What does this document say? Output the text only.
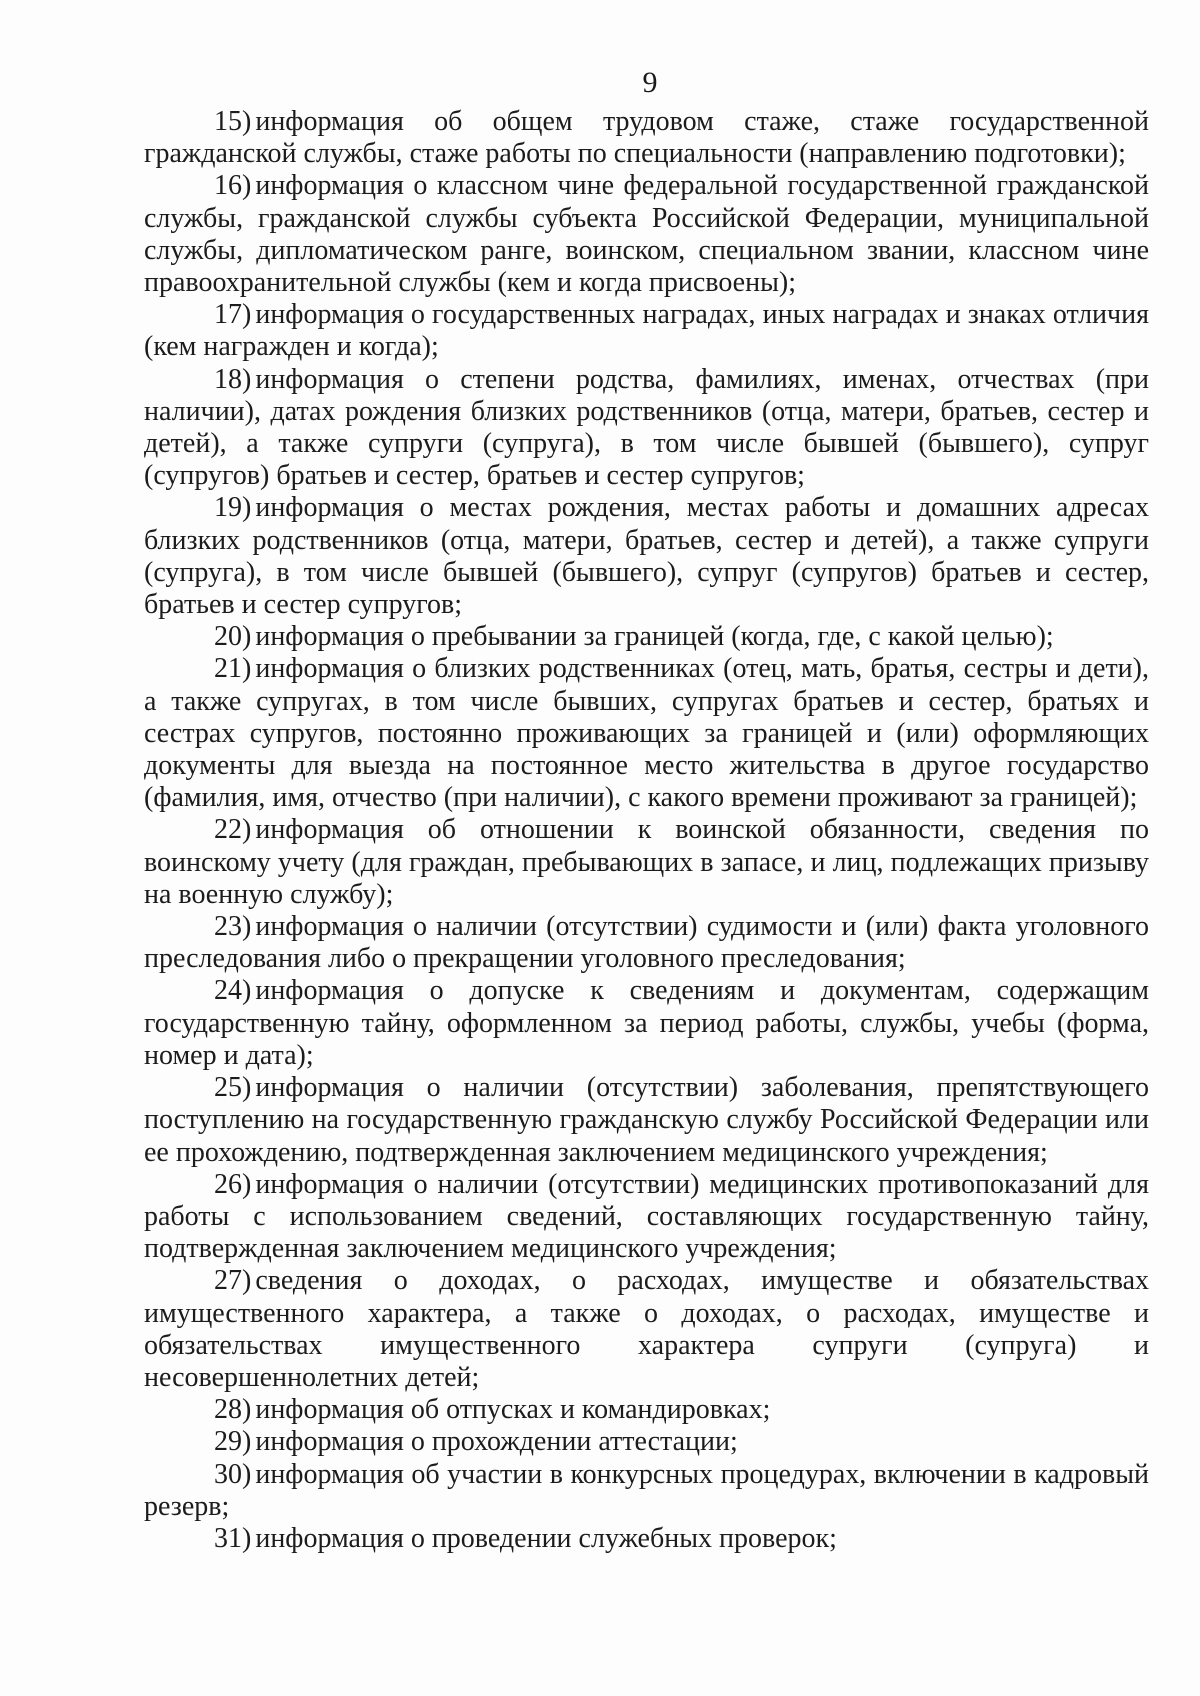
9

15) информация об общем трудовом стаже, стаже государственной гражданской службы, стаже работы по специальности (направлению подготовки);

16) информация о классном чине федеральной государственной гражданской службы, гражданской службы субъекта Российской Федерации, муниципальной службы, дипломатическом ранге, воинском, специальном звании, классном чине правоохранительной службы (кем и когда присвоены);

17) информация о государственных наградах, иных наградах и знаках отличия (кем награжден и когда);

18) информация о степени родства, фамилиях, именах, отчествах (при наличии), датах рождения близких родственников (отца, матери, братьев, сестер и детей), а также супруги (супруга), в том числе бывшей (бывшего), супруг (супругов) братьев и сестер, братьев и сестер супругов;

19) информация о местах рождения, местах работы и домашних адресах близких родственников (отца, матери, братьев, сестер и детей), а также супруги (супруга), в том числе бывшей (бывшего), супруг (супругов) братьев и сестер, братьев и сестер супругов;

20) информация о пребывании за границей (когда, где, с какой целью);

21) информация о близких родственниках (отец, мать, братья, сестры и дети), а также супругах, в том числе бывших, супругах братьев и сестер, братьях и сестрах супругов, постоянно проживающих за границей и (или) оформляющих документы для выезда на постоянное место жительства в другое государство (фамилия, имя, отчество (при наличии), с какого времени проживают за границей);

22) информация об отношении к воинской обязанности, сведения по воинскому учету (для граждан, пребывающих в запасе, и лиц, подлежащих призыву на военную службу);

23) информация о наличии (отсутствии) судимости и (или) факта уголовного преследования либо о прекращении уголовного преследования;

24) информация о допуске к сведениям и документам, содержащим государственную тайну, оформленном за период работы, службы, учебы (форма, номер и дата);

25) информация о наличии (отсутствии) заболевания, препятствующего поступлению на государственную гражданскую службу Российской Федерации или ее прохождению, подтвержденная заключением медицинского учреждения;

26) информация о наличии (отсутствии) медицинских противопоказаний для работы с использованием сведений, составляющих государственную тайну, подтвержденная заключением медицинского учреждения;

27) сведения о доходах, о расходах, имуществе и обязательствах имущественного характера, а также о доходах, о расходах, имуществе и обязательствах имущественного характера супруги (супруга) и несовершеннолетних детей;

28) информация об отпусках и командировках;

29) информация о прохождении аттестации;

30) информация об участии в конкурсных процедурах, включении в кадровый резерв;

31) информация о проведении служебных проверок;
